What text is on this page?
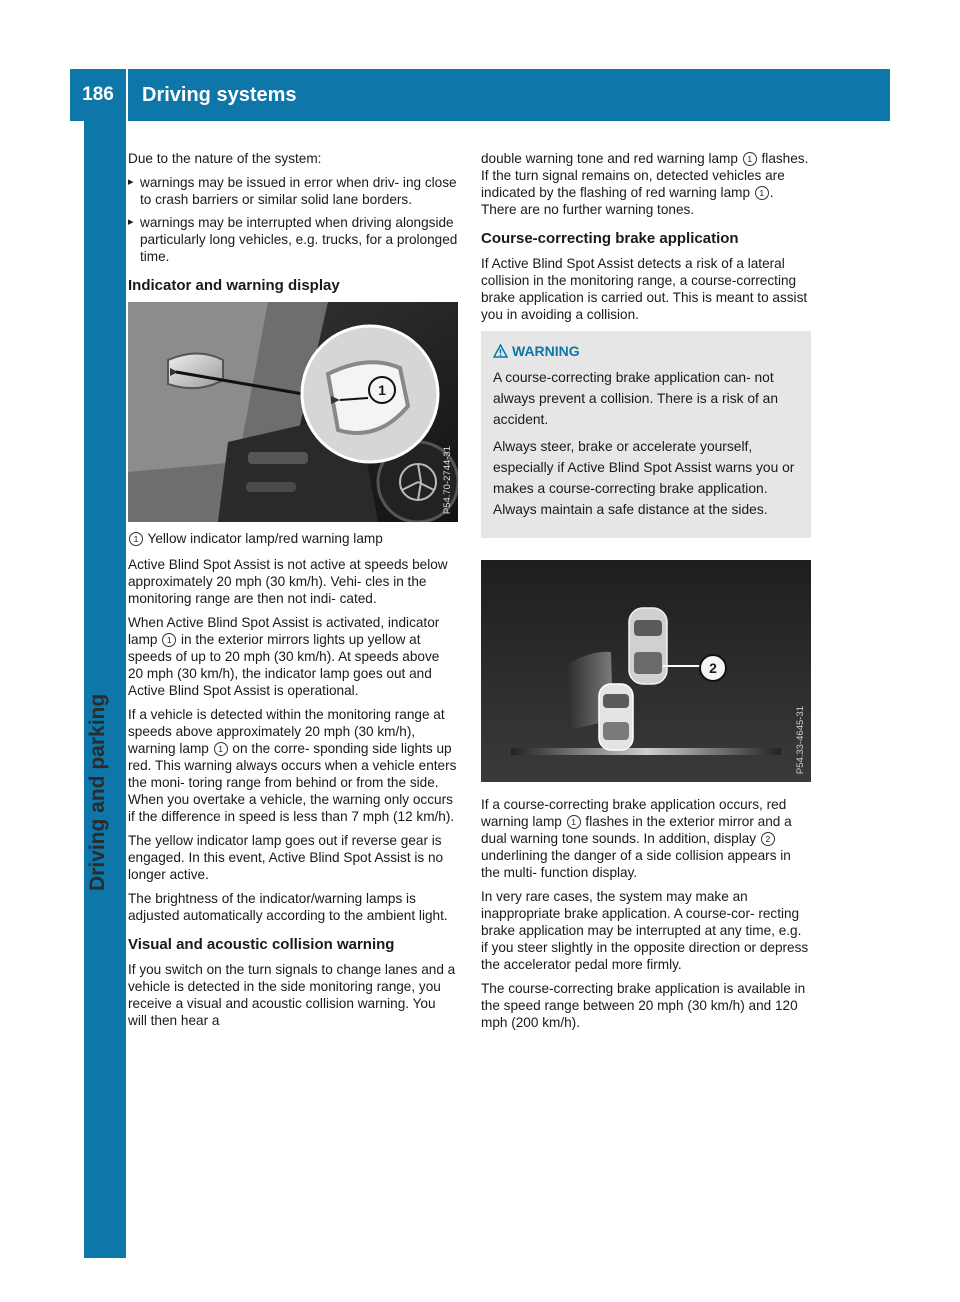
186	Driving systems
Driving and parking

Due to the nature of the system:

▸ warnings may be issued in error when driv- ing close to crash barriers or similar solid lane borders.
▸ warnings may be interrupted when driving alongside particularly long vehicles, e.g. trucks, for a prolonged time.
Indicator and warning display
1
P54.70-2744-31

1 Yellow indicator lamp/red warning lamp

Active Blind Spot Assist is not active at speeds below approximately 20 mph (30 km/h). Vehi- cles in the monitoring range are then not indi- cated.

When Active Blind Spot Assist is activated, indicator lamp 1 in the exterior mirrors lights up yellow at speeds of up to 20 mph (30 km/h). At speeds above 20 mph (30 km/h), the indicator lamp goes out and Active Blind Spot Assist is operational.

If a vehicle is detected within the monitoring range at speeds above approximately 20 mph (30 km/h), warning lamp 1 on the corre- sponding side lights up red. This warning always occurs when a vehicle enters the moni- toring range from behind or from the side. When you overtake a vehicle, the warning only occurs if the difference in speed is less than 7 mph (12 km/h).

The yellow indicator lamp goes out if reverse gear is engaged. In this event, Active Blind Spot Assist is no longer active.

The brightness of the indicator/warning lamps is adjusted automatically according to the ambient light.

Visual and acoustic collision warning

If you switch on the turn signals to change lanes and a vehicle is detected in the side monitoring range, you receive a visual and acoustic collision warning. You will then hear a

double warning tone and red warning lamp 1 flashes. If the turn signal remains on, detected vehicles are indicated by the flashing of red warning lamp 1 . There are no further warning tones.

Course-correcting brake application

If Active Blind Spot Assist detects a risk of a lateral collision in the monitoring range, a course-correcting brake application is carried out. This is meant to assist you in avoiding a collision.

WARNING

A course-correcting brake application can- not always prevent a collision. There is a risk of an accident.

Always steer, brake or accelerate yourself, especially if Active Blind Spot Assist warns you or makes a course-correcting brake application. Always maintain a safe distance at the sides.

2
P54.33-4645-31

If a course-correcting brake application occurs, red warning lamp 1 flashes in the exterior mirror and a dual warning tone sounds. In addition, display 2 underlining the danger of a side collision appears in the multi- function display.

In very rare cases, the system may make an inappropriate brake application. A course-cor- recting brake application may be interrupted at any time, e.g. if you steer slightly in the opposite direction or depress the accelerator pedal more firmly.

The course-correcting brake application is available in the speed range between 20 mph (30 km/h) and 120 mph (200 km/h).
